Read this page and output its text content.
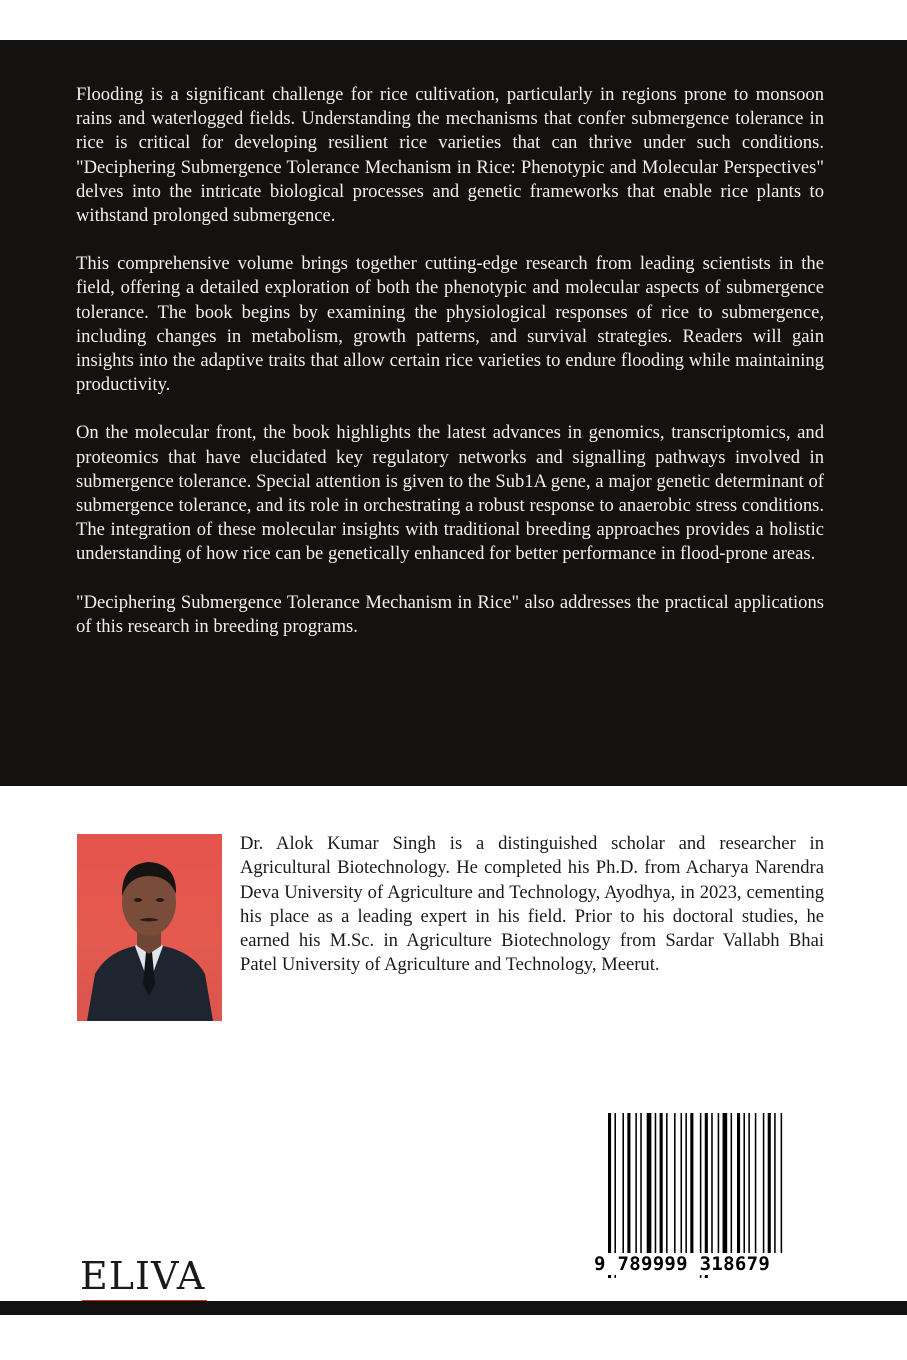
Flooding is a significant challenge for rice cultivation, particularly in regions prone to monsoon rains and waterlogged fields. Understanding the mechanisms that confer submergence tolerance in rice is critical for developing resilient rice varieties that can thrive under such conditions. "Deciphering Submergence Tolerance Mechanism in Rice: Phenotypic and Molecular Perspectives" delves into the intricate biological processes and genetic frameworks that enable rice plants to withstand prolonged submergence.

This comprehensive volume brings together cutting-edge research from leading scientists in the field, offering a detailed exploration of both the phenotypic and molecular aspects of submergence tolerance. The book begins by examining the physiological responses of rice to submergence, including changes in metabolism, growth patterns, and survival strategies. Readers will gain insights into the adaptive traits that allow certain rice varieties to endure flooding while maintaining productivity.

On the molecular front, the book highlights the latest advances in genomics, transcriptomics, and proteomics that have elucidated key regulatory networks and signalling pathways involved in submergence tolerance. Special attention is given to the Sub1A gene, a major genetic determinant of submergence tolerance, and its role in orchestrating a robust response to anaerobic stress conditions. The integration of these molecular insights with traditional breeding approaches provides a holistic understanding of how rice can be genetically enhanced for better performance in flood-prone areas.

"Deciphering Submergence Tolerance Mechanism in Rice" also addresses the practical applications of this research in breeding programs.

Dr. Alok Kumar Singh is a distinguished scholar and researcher in Agricultural Biotechnology. He completed his Ph.D. from Acharya Narendra Deva University of Agriculture and Technology, Ayodhya, in 2023, cementing his place as a leading expert in his field. Prior to his doctoral studies, he earned his M.Sc. in Agriculture Biotechnology from Sardar Vallabh Bhai Patel University of Agriculture and Technology, Meerut.
9 789999 318679
ELIVA
